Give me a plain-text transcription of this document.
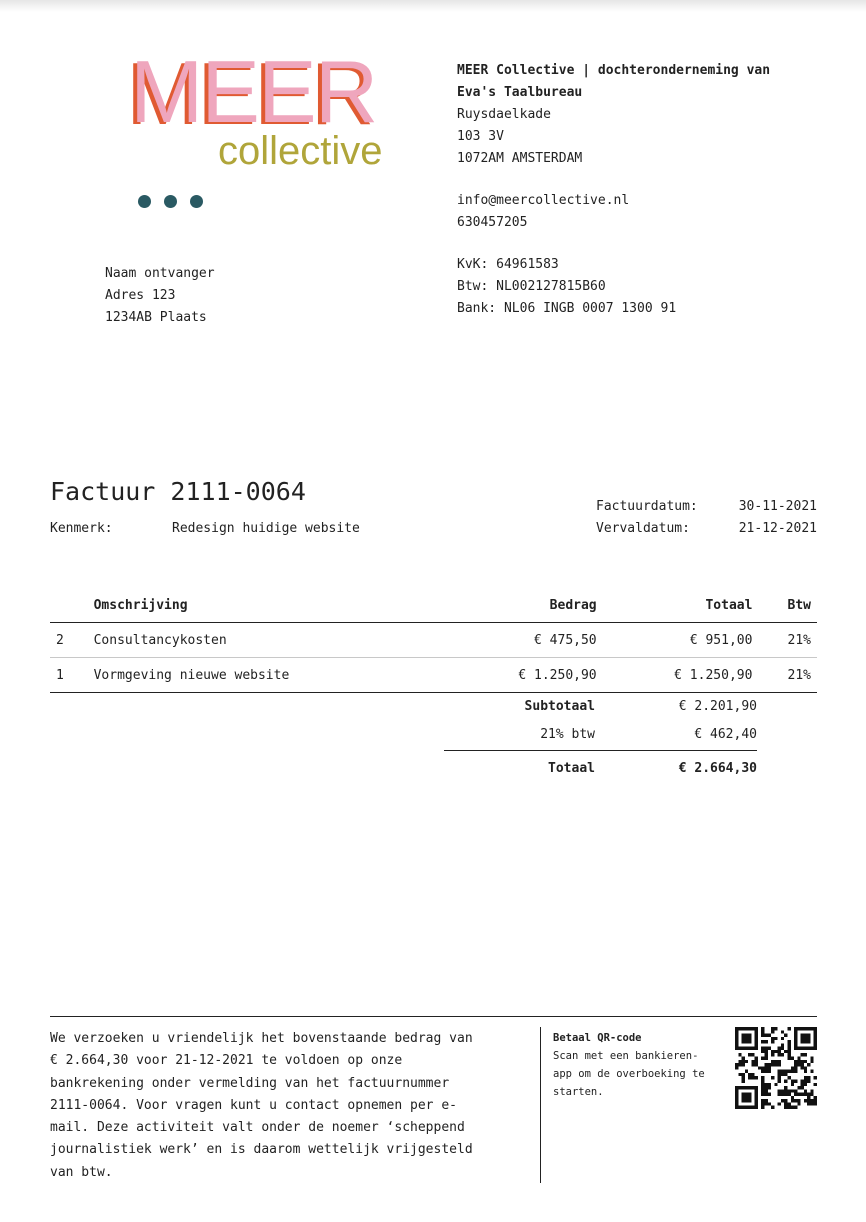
MEER
collective
MEER Collective | dochteronderneming van
Eva's Taalbureau
Ruysdaelkade
103 3V
1072AM AMSTERDAM
info@meercollective.nl
630457205
KvK: 64961583
Btw: NL002127815B60
Bank: NL06 INGB 0007 1300 91
Naam ontvanger
Adres 123
1234AB Plaats
Factuur 2111-0064
Kenmerk:	Redesign huidige website
Factuurdatum:	30-11-2021
Vervaldatum:	21-12-2021
	Omschrijving	Bedrag	Totaal	Btw
2	Consultancykosten	€ 475,50	€ 951,00	21%
1	Vormgeving nieuwe website	€ 1.250,90	€ 1.250,90	21%
Subtotaal	€ 2.201,90
21% btw	€ 462,40
Totaal	€ 2.664,30
We verzoeken u vriendelijk het bovenstaande bedrag van
€ 2.664,30 voor 21-12-2021 te voldoen op onze
bankrekening onder vermelding van het factuurnummer
2111-0064. Voor vragen kunt u contact opnemen per e-
mail. Deze activiteit valt onder de noemer ‘scheppend
journalistiek werk’ en is daarom wettelijk vrijgesteld
van btw.
Betaal QR-code
Scan met een bankieren-
app om de overboeking te
starten.
